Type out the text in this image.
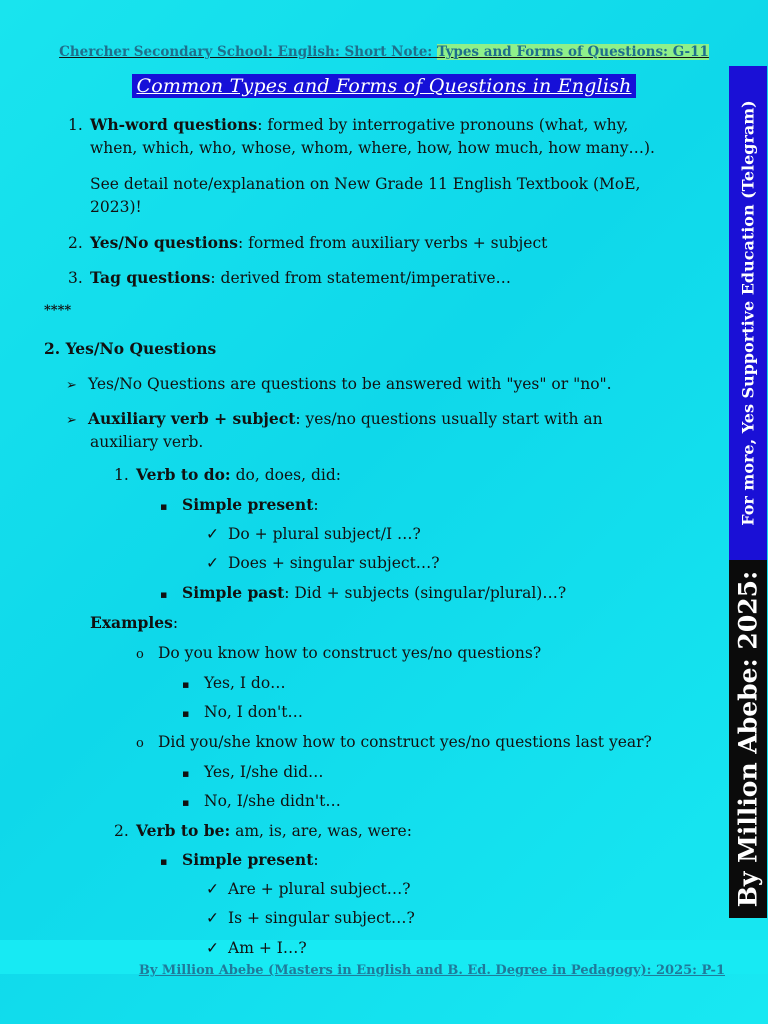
Chercher Secondary School: English: Short Note: Types and Forms of Questions: G-11
Common Types and Forms of Questions in English
1. Wh-word questions: formed by interrogative pronouns (what, why,
when, which, who, whose, whom, where, how, how much, how many…).
See detail note/explanation on New Grade 11 English Textbook (MoE,
2023)!
2. Yes/No questions: formed from auxiliary verbs + subject
3. Tag questions: derived from statement/imperative…
****
2. Yes/No Questions
➢ Yes/No Questions are questions to be answered with "yes" or "no".
➢ Auxiliary verb + subject: yes/no questions usually start with an
auxiliary verb.
1. Verb to do: do, does, did:
▪ Simple present:
✓ Do + plural subject/I …?
✓ Does + singular subject…?
▪ Simple past: Did + subjects (singular/plural)…?
Examples:
o Do you know how to construct yes/no questions?
▪ Yes, I do…
▪ No, I don't…
o Did you/she know how to construct yes/no questions last year?
▪ Yes, I/she did…
▪ No, I/she didn't…
2. Verb to be: am, is, are, was, were:
▪ Simple present:
✓ Are + plural subject…?
✓ Is + singular subject…?
✓ Am + I…?
By Million Abebe (Masters in English and B. Ed. Degree in Pedagogy): 2025: P-1
For more, Yes Supportive Education (Telegram)
By Million Abebe: 2025:
